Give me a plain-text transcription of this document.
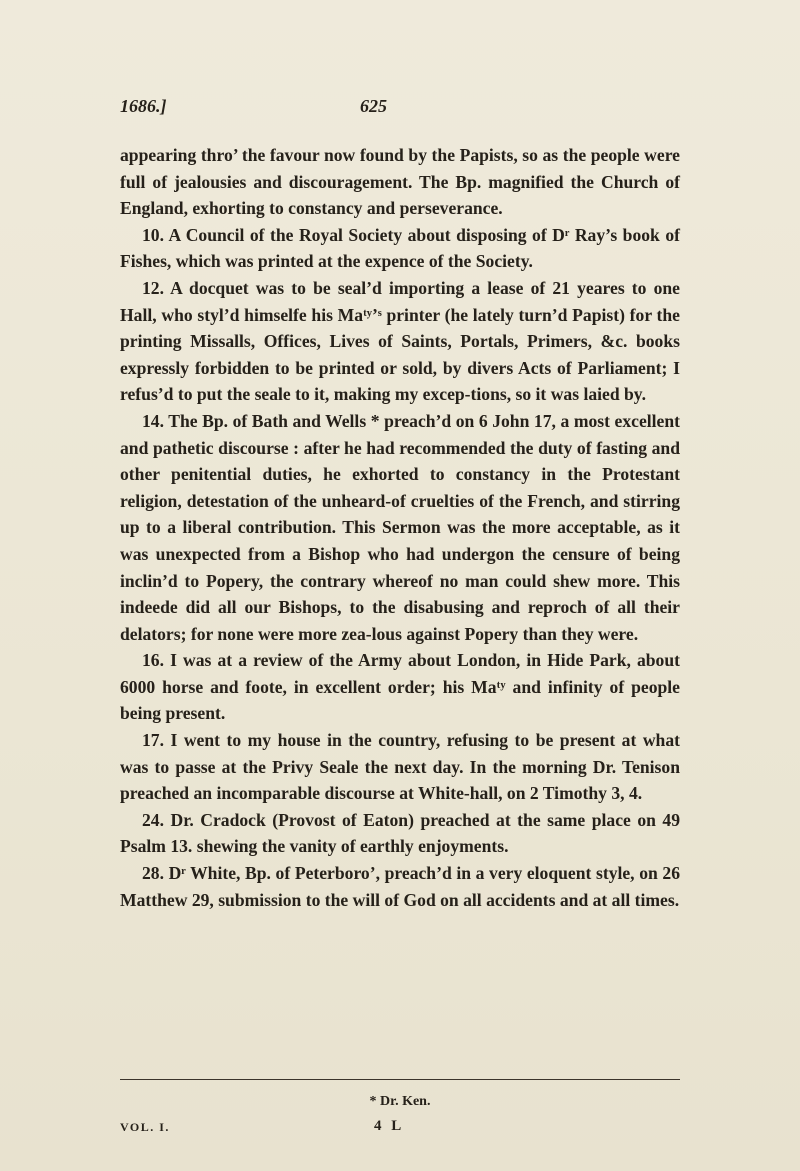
1686.]	625

appearing thro’ the favour now found by the Papists, so as the people were full of jealousies and discouragement. The Bp. magnified the Church of England, exhorting to constancy and perseverance.

10. A Council of the Royal Society about disposing of Dʳ Ray’s book of Fishes, which was printed at the expence of the Society.

12. A docquet was to be seal’d importing a lease of 21 yeares to one Hall, who styl’d himselfe his Maᵗʸ’ˢ printer (he lately turn’d Papist) for the printing Missalls, Offices, Lives of Saints, Portals, Primers, &c. books expressly forbidden to be printed or sold, by divers Acts of Parliament; I refus’d to put the seale to it, making my excep-tions, so it was laied by.

14. The Bp. of Bath and Wells * preach’d on 6 John 17, a most excellent and pathetic discourse : after he had recommended the duty of fasting and other penitential duties, he exhorted to constancy in the Protestant religion, detestation of the unheard-of cruelties of the French, and stirring up to a liberal contribution. This Sermon was the more acceptable, as it was unexpected from a Bishop who had undergon the censure of being inclin’d to Popery, the contrary whereof no man could shew more. This indeede did all our Bishops, to the disabusing and reproch of all their delators; for none were more zea-lous against Popery than they were.

16. I was at a review of the Army about London, in Hide Park, about 6000 horse and foote, in excellent order; his Maᵗʸ and infinity of people being present.

17. I went to my house in the country, refusing to be present at what was to passe at the Privy Seale the next day. In the morning Dr. Tenison preached an incomparable discourse at White-hall, on 2 Timothy 3, 4.

24. Dr. Cradock (Provost of Eaton) preached at the same place on 49 Psalm 13. shewing the vanity of earthly enjoyments.

28. Dʳ White, Bp. of Peterboro’, preach’d in a very eloquent style, on 26 Matthew 29, submission to the will of God on all accidents and at all times.

* Dr. Ken.
VOL. I.	4 L
